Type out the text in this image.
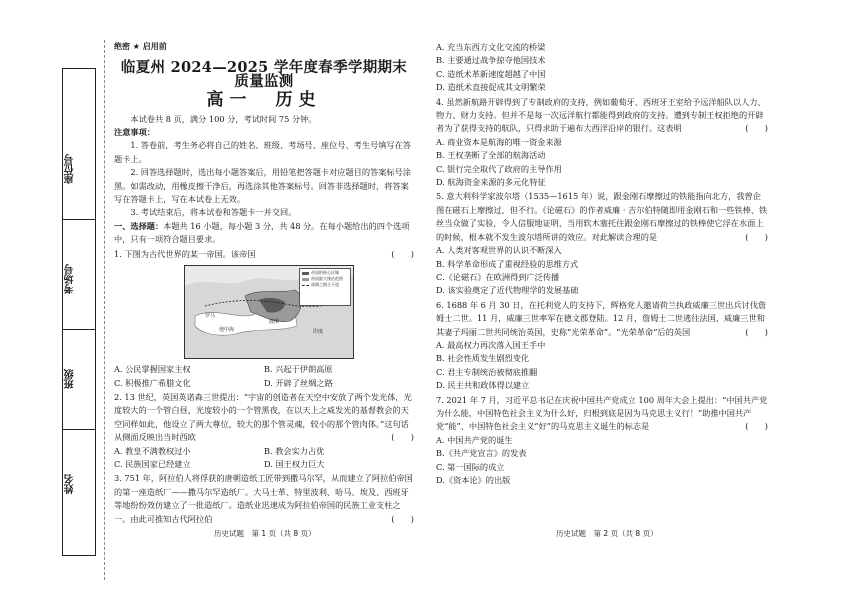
座位号
考场号
班级
姓名
绝密 ★ 启用前
临夏州 2024—2025 学年度春季学期期末质量监测
高一　历史

本试卷共 8 页，满分 100 分，考试时间 75 分钟。

注意事项：

1. 答卷前，考生务必将自己的姓名、班级、考场号、座位号、考生号填写在答题卡上。

2. 回答选择题时，选出每小题答案后，用铅笔把答题卡对应题目的答案标号涂黑。如需改动，用橡皮擦干净后，再选涂其他答案标号。回答非选择题时，将答案写在答题卡上，写在本试卷上无效。

3. 考试结束后，将本试卷和答题卡一并交回。

一、选择题：本题共 16 小题，每小题 3 分，共 48 分。在每小题给出的四个选项中，只有一项符合题目要求。

1. 下图为古代世界的某一帝国。该帝国	(　　)

帝国的核心区域
帝国最大统治范围
丝绸之路主干道
罗马
地中海
波斯
印度
A. 公民掌握国家主权	B. 兴起于伊朗高原
C. 积极推广希腊文化	D. 开辟了丝绸之路

2. 13 世纪，英国英诺森三世提出：“宇宙的创造者在天空中安放了两个发光体，光度较大的一个管白昼，光度较小的一个管黑夜，在以天上之威发光的基督教会的天空同样如此，他设立了两大尊位，较大的那个管灵魂，较小的那个管肉体。”这句话从侧面反映出当时西欧	(　　)

A. 教皇不满教权过小	B. 教会实力占优
C. 民族国家已经建立	D. 国王权力巨大

3. 751 年，阿拉伯人将俘获的唐朝造纸工匠带到撒马尔罕，从而建立了阿拉伯帝国的第一座造纸厂——撒马尔罕造纸厂。大马士革、特里波利、哈马、埃及、西班牙等地纷纷效仿建立了一批造纸厂。造纸业迅速成为阿拉伯帝国的民族工业支柱之一。由此可推知古代阿拉伯	(　　)

A. 充当东西方文化交流的桥梁

B. 主要通过战争掠夺他国技术

C. 造纸术革新速度超越了中国

D. 造纸术直接促成其文明繁荣

4. 虽然新航路开辟得到了专制政府的支持，例如葡萄牙、西班牙王室给予远洋船队以人力、物力、财力支持。但并不是每一次远洋航行都能得到政府的支持。遭到专制王权拒绝的开辟者为了获得支持的航队，只得求助于遍布大西洋沿岸的银行。这表明	(　　)

A. 商业资本是航海的唯一资金来源

B. 王权垄断了全部的航海活动

C. 银行完全取代了政府的主导作用

D. 航海资金来源的多元化特征

5. 意大利科学家波尔塔（1535—1615 年）说，跟金刚石摩擦过的铁能指向北方，我曾企图在磁石上摩擦过，但不行。《论磁石》的作者威廉 · 吉尔伯特随即用金刚石和一些铁棒、铁丝当众做了实验，令人信服地证明，当用软木塞托住跟金刚石摩擦过的铁棒使它浮在水面上的时候，根本就不发生波尔塔所讲的效应。对此解读合理的是	(　　)

A. 人类对客观世界的认识不断深入

B. 科学革命形成了重视经验的思维方式

C.《论磁石》在欧洲得到广泛传播

D. 该实验奠定了近代物理学的发展基础

6. 1688 年 6 月 30 日，在托利党人的支持下，辉格党人邀请荷兰执政威廉三世出兵讨伐詹姆士二世。11 月，威廉三世率军在德文郡登陆。12 月，詹姆士二世逃往法国，威廉三世和其妻子玛丽二世共同统治英国，史称“光荣革命”。“光荣革命”后的英国	(　　)

A. 最高权力再次落入国王手中

B. 社会性质发生剧烈变化

C. 君主专制统治被彻底推翻

D. 民主共和政体得以建立

7. 2021 年 7 月，习近平总书记在庆祝中国共产党成立 100 周年大会上提出：“中国共产党为什么能，中国特色社会主义为什么好，归根到底是因为马克思主义行！”助推中国共产党“能”、中国特色社会主义“好”的马克思主义诞生的标志是	(　　)

A. 中国共产党的诞生

B.《共产党宣言》的发表

C. 第一国际的成立

D.《资本论》的出版

历史试题　第 1 页（共 8 页）	历史试题　第 2 页（共 8 页）
